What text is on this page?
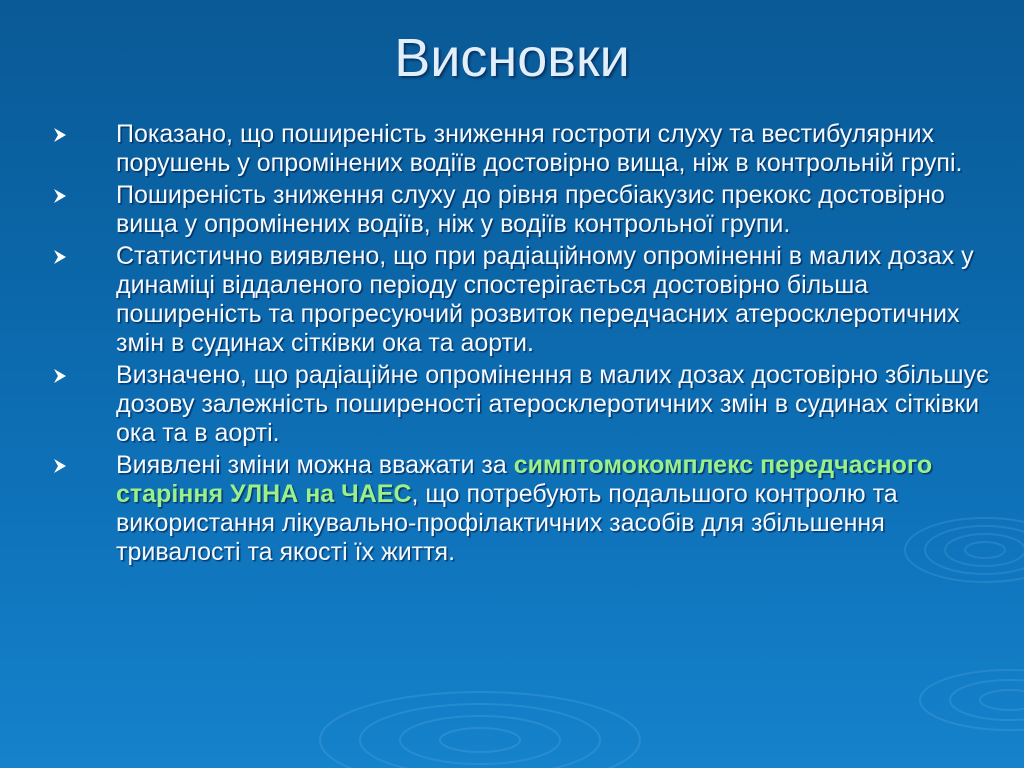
Висновки
Показано, що поширеність зниження гостроти слуху та вестибулярних порушень у опромінених водіїв достовірно вища, ніж в контрольній групі.
Поширеність зниження слуху до рівня пресбіакузис прекокс достовірно вища у опромінених водіїв, ніж у водіїв контрольної групи.
Статистично виявлено, що при радіаційному опроміненні в малих дозах у динаміці віддаленого періоду спостерігається достовірно більша поширеність та прогресуючий розвиток передчасних атеросклеротичних змін в судинах сітківки ока та аорти.
Визначено, що радіаційне опромінення в малих дозах достовірно збільшує дозову залежність поширеності атеросклеротичних змін в судинах сітківки ока та в аорті.
Виявлені зміни можна вважати за симптомокомплекс передчасного старіння УЛНА на ЧАЕС, що потребують подальшого контролю та використання лікувально-профілактичних засобів для збільшення тривалості та якості їх життя.
